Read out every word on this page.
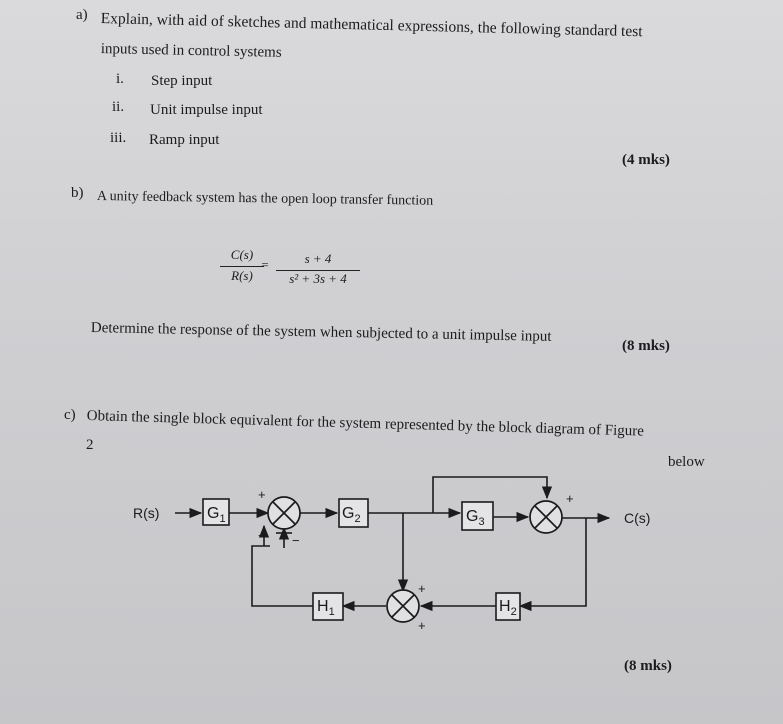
a) Explain, with aid of sketches and mathematical expressions, the following standard test
inputs used in control systems
i. Step input
ii. Unit impulse input
iii. Ramp input
(4 mks)
b) A unity feedback system has the open loop transfer function
C(s)
R(s)
=	s + 4
s² + 3s + 4
Determine the response of the system when subjected to a unit impulse input
(8 mks)
c) Obtain the single block equivalent for the system represented by the block diagram of Figure
2
below
$G_1$	$G_2$	$G_3$
$H_1$	$H_2$
R(s)	C(s)
+
− −
+
+
+
(8 mks)
